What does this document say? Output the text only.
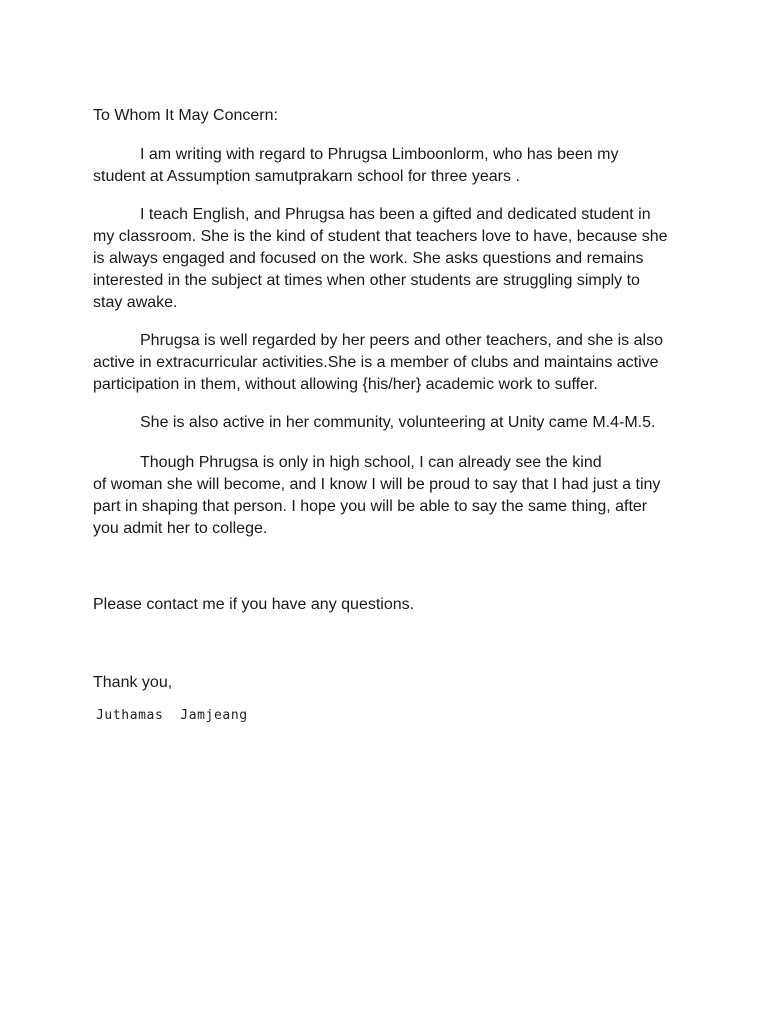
To Whom It May Concern:
I am writing with regard to Phrugsa Limboonlorm, who has been my
student at Assumption samutprakarn school for three years .
I teach English, and Phrugsa has been a gifted and dedicated student in
my classroom. She is the kind of student that teachers love to have, because she
is always engaged and focused on the work. She asks questions and remains
interested in the subject at times when other students are struggling simply to
stay awake.
Phrugsa is well regarded by her peers and other teachers, and she is also
active in extracurricular activities.She is a member of clubs and maintains active
participation in them, without allowing {his/her} academic work to suffer.
She is also active in her community, volunteering at Unity came M.4-M.5.
Though Phrugsa is only in high school, I can already see the kind
of woman she will become, and I know I will be proud to say that I had just a tiny
part in shaping that person. I hope you will be able to say the same thing, after
you admit her to college.
Please contact me if you have any questions.
Thank you,
Juthamas  Jamjeang
